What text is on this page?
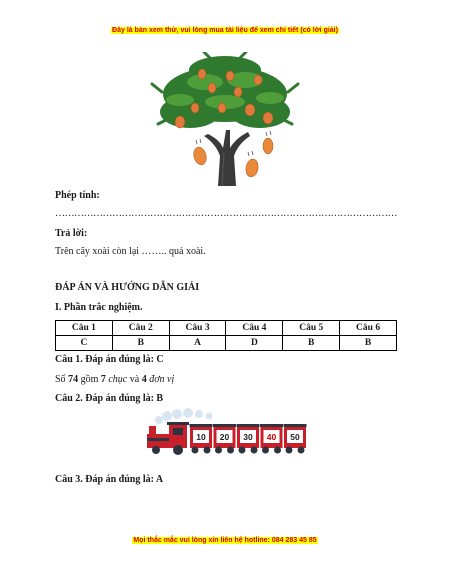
Đây là bản xem thử, vui lòng mua tài liệu để xem chi tiết (có lời giải)
Phép tính:
………………………………………………………………………………………………
Trả lời:
Trên cây xoài còn lại …….. quả xoài.
ĐÁP ÁN VÀ HƯỚNG DẪN GIẢI
I. Phần trắc nghiệm.
Câu 1	Câu 2	Câu 3	Câu 4	Câu 5	Câu 6
C	B	A	D	B	B
Câu 1. Đáp án đúng là: C
Số 74 gồm 7 chục và 4 đơn vị
Câu 2. Đáp án đúng là: B
10 20 30 40 50
Câu 3. Đáp án đúng là: A
Mọi thắc mắc vui lòng xin liên hệ hotline: 084 283 45 85
